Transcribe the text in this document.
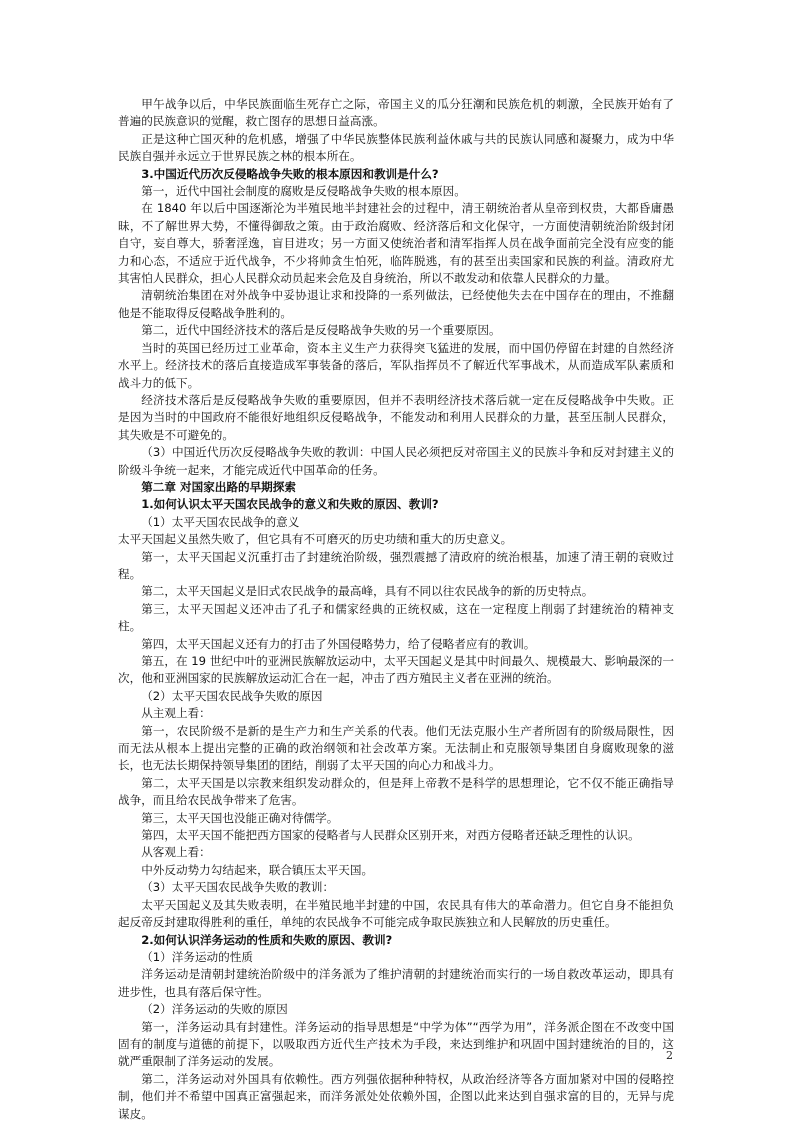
甲午战争以后，中华民族面临生死存亡之际，帝国主义的瓜分狂潮和民族危机的刺激，全民族开始有了普遍的民族意识的觉醒，救亡图存的思想日益高涨。

正是这种亡国灭种的危机感，增强了中华民族整体民族利益休戚与共的民族认同感和凝聚力，成为中华民族自强并永远立于世界民族之林的根本所在。

3.中国近代历次反侵略战争失败的根本原因和教训是什么?

第一，近代中国社会制度的腐败是反侵略战争失败的根本原因。

在 1840 年以后中国逐渐沦为半殖民地半封建社会的过程中，清王朝统治者从皇帝到权贵，大都昏庸愚昧，不了解世界大势，不懂得御敌之策。由于政治腐败、经济落后和文化保守，一方面使清朝统治阶级封闭自守，妄自尊大，骄奢淫逸，盲目进攻；另一方面又使统治者和清军指挥人员在战争面前完全没有应变的能力和心态，不适应于近代战争，不少将帅贪生怕死，临阵脱逃，有的甚至出卖国家和民族的利益。清政府尤其害怕人民群众，担心人民群众动员起来会危及自身统治，所以不敢发动和依靠人民群众的力量。

清朝统治集团在对外战争中妥协退让求和投降的一系列做法，已经使他失去在中国存在的理由，不推翻他是不能取得反侵略战争胜利的。

第二，近代中国经济技术的落后是反侵略战争失败的另一个重要原因。

当时的英国已经历过工业革命，资本主义生产力获得突飞猛进的发展，而中国仍停留在封建的自然经济水平上。经济技术的落后直接造成军事装备的落后，军队指挥员不了解近代军事战术，从而造成军队素质和战斗力的低下。

经济技术落后是反侵略战争失败的重要原因，但并不表明经济技术落后就一定在反侵略战争中失败。正是因为当时的中国政府不能很好地组织反侵略战争，不能发动和利用人民群众的力量，甚至压制人民群众，其失败是不可避免的。

（3）中国近代历次反侵略战争失败的教训：中国人民必须把反对帝国主义的民族斗争和反对封建主义的阶级斗争统一起来，才能完成近代中国革命的任务。

第二章 对国家出路的早期探索

1.如何认识太平天国农民战争的意义和失败的原因、教训?

（1）太平天国农民战争的意义

太平天国起义虽然失败了，但它具有不可磨灭的历史功绩和重大的历史意义。

第一，太平天国起义沉重打击了封建统治阶级，强烈震撼了清政府的统治根基，加速了清王朝的衰败过程。

第二，太平天国起义是旧式农民战争的最高峰，具有不同以往农民战争的新的历史特点。

第三，太平天国起义还冲击了孔子和儒家经典的正统权威，这在一定程度上削弱了封建统治的精神支柱。

第四，太平天国起义还有力的打击了外国侵略势力，给了侵略者应有的教训。

第五，在 19 世纪中叶的亚洲民族解放运动中，太平天国起义是其中时间最久、规模最大、影响最深的一次，他和亚洲国家的民族解放运动汇合在一起，冲击了西方殖民主义者在亚洲的统治。

（2）太平天国农民战争失败的原因

从主观上看：

第一，农民阶级不是新的是生产力和生产关系的代表。他们无法克服小生产者所固有的阶级局限性，因而无法从根本上提出完整的正确的政治纲领和社会改革方案。无法制止和克服领导集团自身腐败现象的滋长，也无法长期保持领导集团的团结，削弱了太平天国的向心力和战斗力。

第二，太平天国是以宗教来组织发动群众的，但是拜上帝教不是科学的思想理论，它不仅不能正确指导战争，而且给农民战争带来了危害。

第三，太平天国也没能正确对待儒学。

第四，太平天国不能把西方国家的侵略者与人民群众区别开来，对西方侵略者还缺乏理性的认识。

从客观上看：

中外反动势力勾结起来，联合镇压太平天国。

（3）太平天国农民战争失败的教训：

太平天国起义及其失败表明，在半殖民地半封建的中国，农民具有伟大的革命潜力。但它自身不能担负起反帝反封建取得胜利的重任，单纯的农民战争不可能完成争取民族独立和人民解放的历史重任。

2.如何认识洋务运动的性质和失败的原因、教训?

（1）洋务运动的性质

洋务运动是清朝封建统治阶级中的洋务派为了维护清朝的封建统治而实行的一场自救改革运动，即具有进步性，也具有落后保守性。

（2）洋务运动的失败的原因

第一，洋务运动具有封建性。洋务运动的指导思想是“中学为体”“西学为用”，洋务派企图在不改变中国固有的制度与道德的前提下，以吸取西方近代生产技术为手段，来达到维护和巩固中国封建统治的目的，这就严重限制了洋务运动的发展。

第二，洋务运动对外国具有依赖性。西方列强依据种种特权，从政治经济等各方面加紧对中国的侵略控制，他们并不希望中国真正富强起来，而洋务派处处依赖外国，企图以此来达到自强求富的目的，无异与虎谋皮。

2
